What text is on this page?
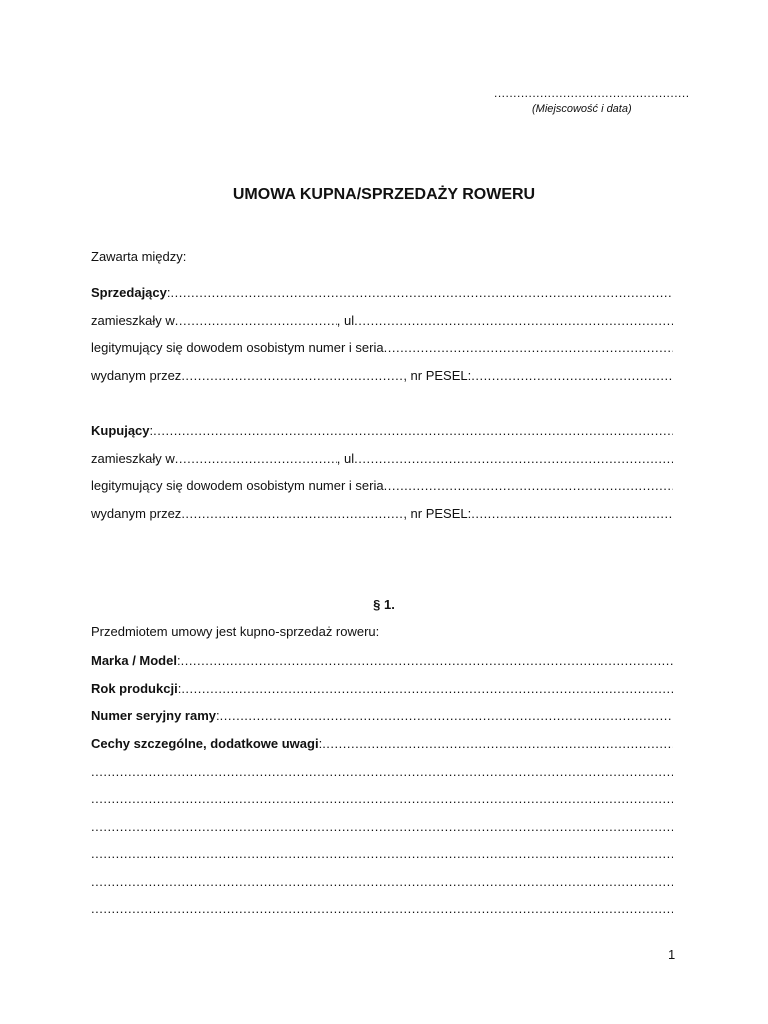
...................................................
(Miejscowość i data)
UMOWA KUPNA/SPRZEDAŻY ROWERU
Zawarta między:
Sprzedający:
.....
zamieszkały w .....	, ul
.....
legitymujący się dowodem osobistym numer i seria
.....
wydanym przez .....	, nr PESEL:
.....
Kupujący:
.....
zamieszkały w .....	, ul
.....
legitymujący się dowodem osobistym numer i seria
.....
wydanym przez .....	, nr PESEL:
.....
§ 1.
Przedmiotem umowy jest kupno-sprzedaż roweru:
Marka / Model:
.....
Rok produkcji:
.....
Numer seryjny ramy:
.....
Cechy szczególne, dodatkowe uwagi:
.....
.....
.....
.....
.....
.....
.....
1
